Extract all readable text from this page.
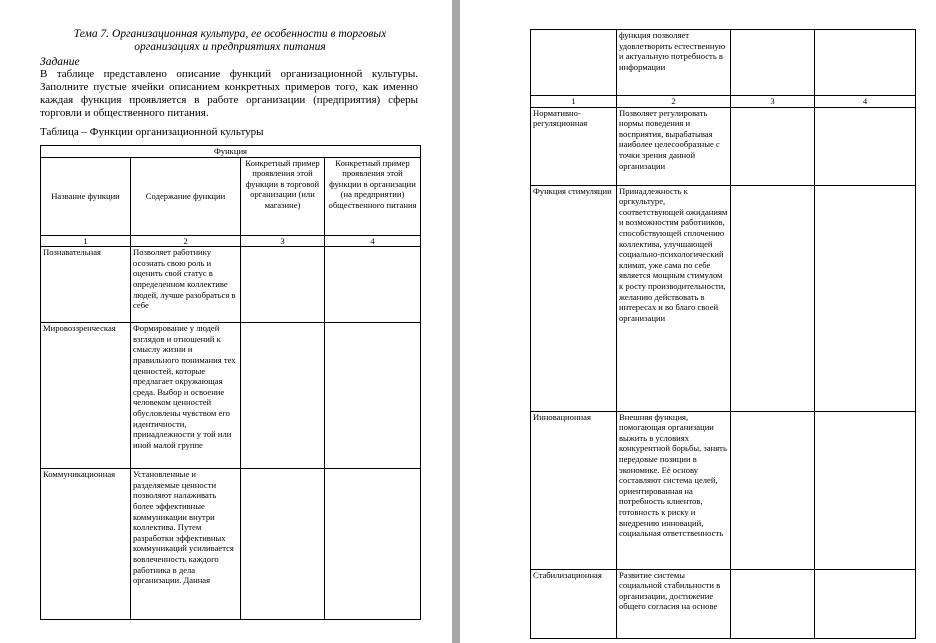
Тема 7. Организационная культура, ее особенности в торговых организациях и предприятиях питания
Задание
В таблице представлено описание функций организационной культуры. Заполните пустые ячейки описанием конкретных примеров того, как именно каждая функция проявляется в работе организации (предприятия) сферы торговли и общественного питания.
Таблица – Функции организационной культуры
Функция			
Название функции	Содержание функции	Конкретный пример проявления этой функции в торговой организации (или магазине)	Конкретный пример проявления этой функции в организации (на предприятии) общественного питания
1	2	3	4
Познавательная	Позволяет работнику осознать свою роль и оценить свой статус в определенном коллективе людей, лучше разобраться в себе		
Мировоззренческая	Формирование у людей взглядов и отношений к смыслу жизни и правильного понимания тех ценностей, которые предлагает окружающая среда. Выбор и освоение человеком ценностей обусловлены чувством его идентичности, принадлежности у той или иной малой группе		
Коммуникационная	Установленные и разделяемые ценности позволяют налаживать более эффективные коммуникации внутри коллектива. Путем разработки эффективных коммуникаций усиливается вовлеченность каждого работника в дела организации. Данная		

	функция позволяет удовлетворить естественную и актуальную потребность в информации		
1	2	3	4
Нормативно-регуляционная	Позволяет регулировать нормы поведения и восприятия, вырабатывая наиболее целесообразные с точки зрения данной организации		
Функция стимуляции	Принадлежность к оргкультуре, соответствующей ожиданиям и возможностям работников, способствующей сплочению коллектива, улучшающей социально-психологический климат, уже сама по себе является мощным стимулом к росту производительности, желанию действовать в интересах и во благо своей организации		
Инновационная	Внешняя функция, помогающая организации выжить в условиях конкурентной борьбы, занять передовые позиции в экономике. Её основу составляют система целей, ориентированная на потребность клиентов, готовность к риску и внедрению инноваций, социальная ответственность		
Стабилизационная	Развитие системы социальной стабильности в организации, достижение общего согласия на основе		
